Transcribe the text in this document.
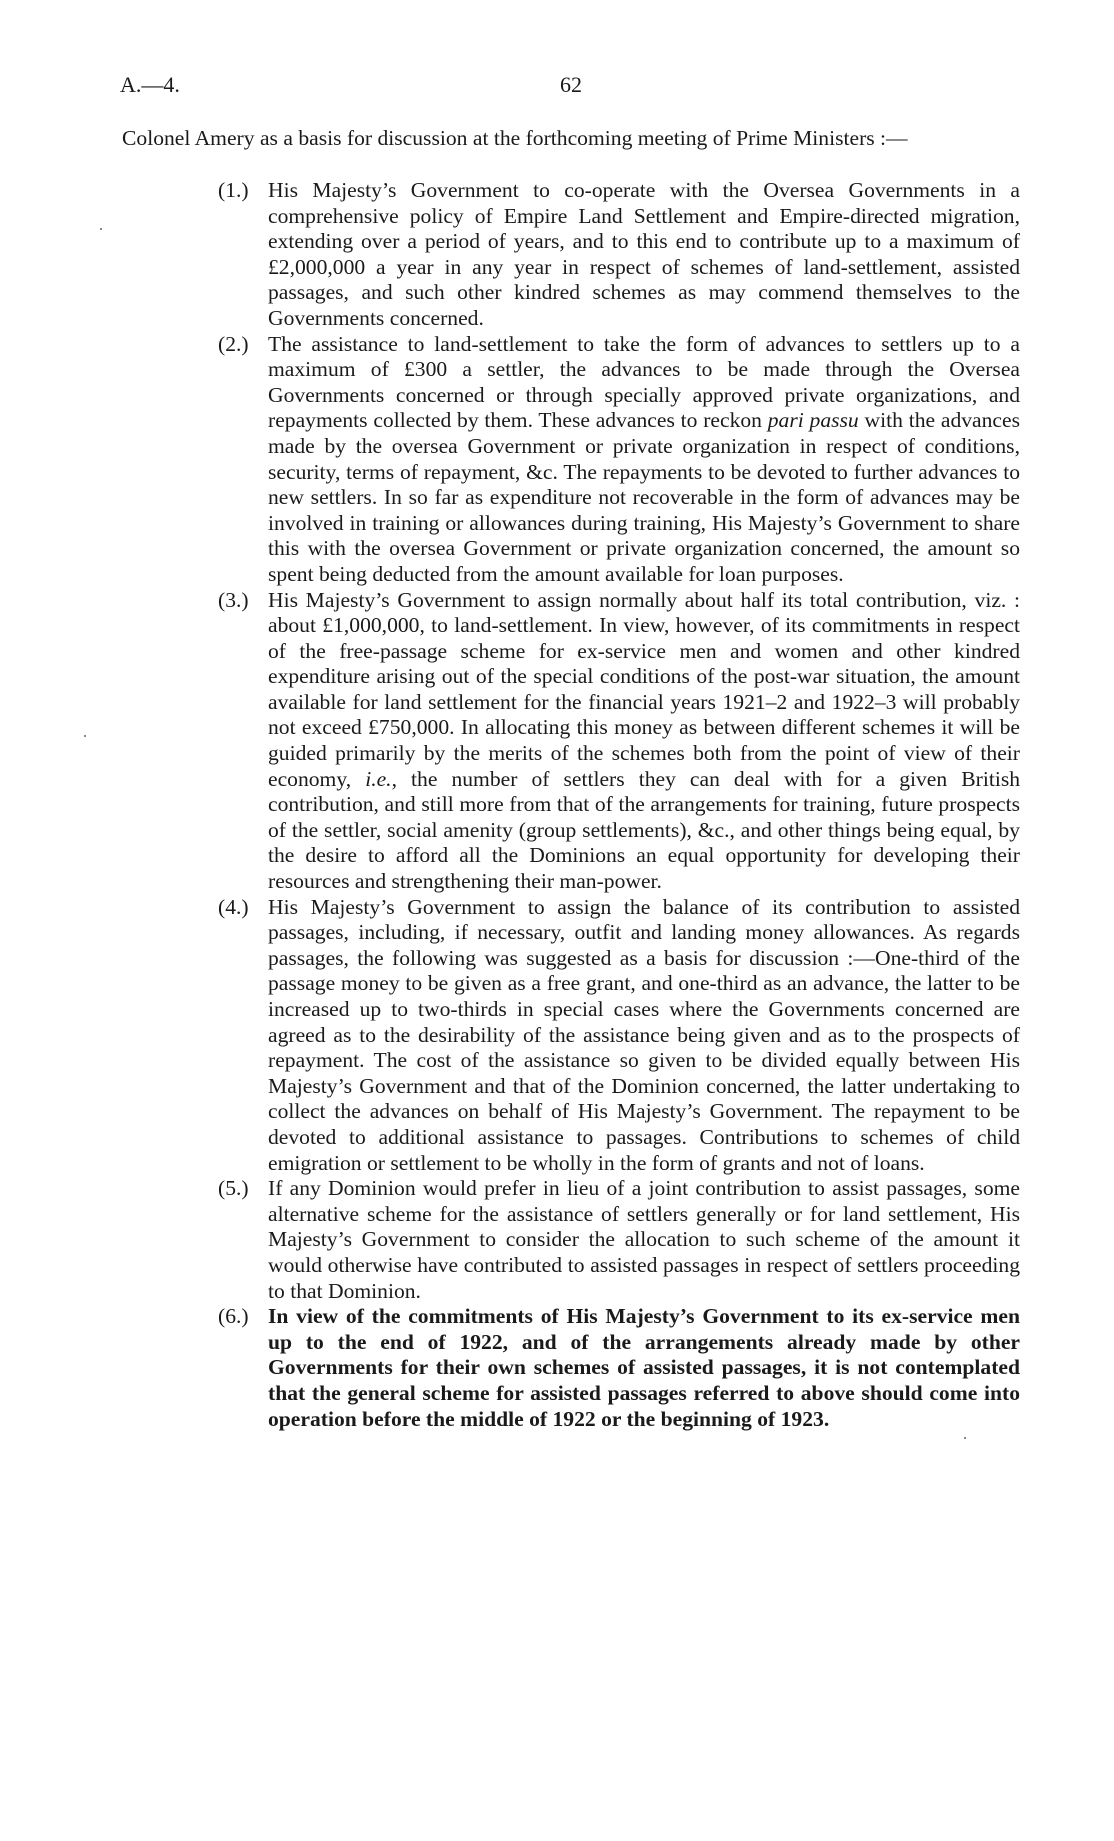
A.—4.	62

Colonel Amery as a basis for discussion at the forthcoming meeting of Prime Ministers :—

(1.) His Majesty’s Government to co-operate with the Oversea Governments in a comprehensive policy of Empire Land Settlement and Empire-directed migration, extending over a period of years, and to this end to contribute up to a maximum of £2,000,000 a year in any year in respect of schemes of land-settlement, assisted passages, and such other kindred schemes as may commend themselves to the Governments concerned.
(2.) The assistance to land-settlement to take the form of advances to settlers up to a maximum of £300 a settler, the advances to be made through the Oversea Governments concerned or through specially approved private organizations, and repayments collected by them. These advances to reckon pari passu with the advances made by the oversea Government or private organization in respect of conditions, security, terms of repayment, &c. The repayments to be devoted to further advances to new settlers. In so far as expenditure not recoverable in the form of advances may be involved in training or allowances during training, His Majesty’s Government to share this with the oversea Government or private organization concerned, the amount so spent being deducted from the amount available for loan purposes.
(3.) His Majesty’s Government to assign normally about half its total contribution, viz. : about £1,000,000, to land-settlement. In view, however, of its commitments in respect of the free-passage scheme for ex-service men and women and other kindred expenditure arising out of the special conditions of the post-war situation, the amount available for land settlement for the financial years 1921–2 and 1922–3 will probably not exceed £750,000. In allocating this money as between different schemes it will be guided primarily by the merits of the schemes both from the point of view of their economy, i.e., the number of settlers they can deal with for a given British contribution, and still more from that of the arrangements for training, future prospects of the settler, social amenity (group settlements), &c., and other things being equal, by the desire to afford all the Dominions an equal opportunity for developing their resources and strengthening their man-power.
(4.) His Majesty’s Government to assign the balance of its contribution to assisted passages, including, if necessary, outfit and landing money allowances. As regards passages, the following was suggested as a basis for discussion :—One-third of the passage money to be given as a free grant, and one-third as an advance, the latter to be increased up to two-thirds in special cases where the Governments concerned are agreed as to the desirability of the assistance being given and as to the prospects of repayment. The cost of the assistance so given to be divided equally between His Majesty’s Government and that of the Dominion concerned, the latter undertaking to collect the advances on behalf of His Majesty’s Government. The repayment to be devoted to additional assistance to passages. Contributions to schemes of child emigration or settlement to be wholly in the form of grants and not of loans.
(5.) If any Dominion would prefer in lieu of a joint contribution to assist passages, some alternative scheme for the assistance of settlers generally or for land settlement, His Majesty’s Government to consider the allocation to such scheme of the amount it would otherwise have contributed to assisted passages in respect of settlers proceeding to that Dominion.
(6.) In view of the commitments of His Majesty’s Government to its ex-service men up to the end of 1922, and of the arrangements already made by other Governments for their own schemes of assisted passages, it is not contemplated that the general scheme for assisted passages referred to above should come into operation before the middle of 1922 or the beginning of 1923.
